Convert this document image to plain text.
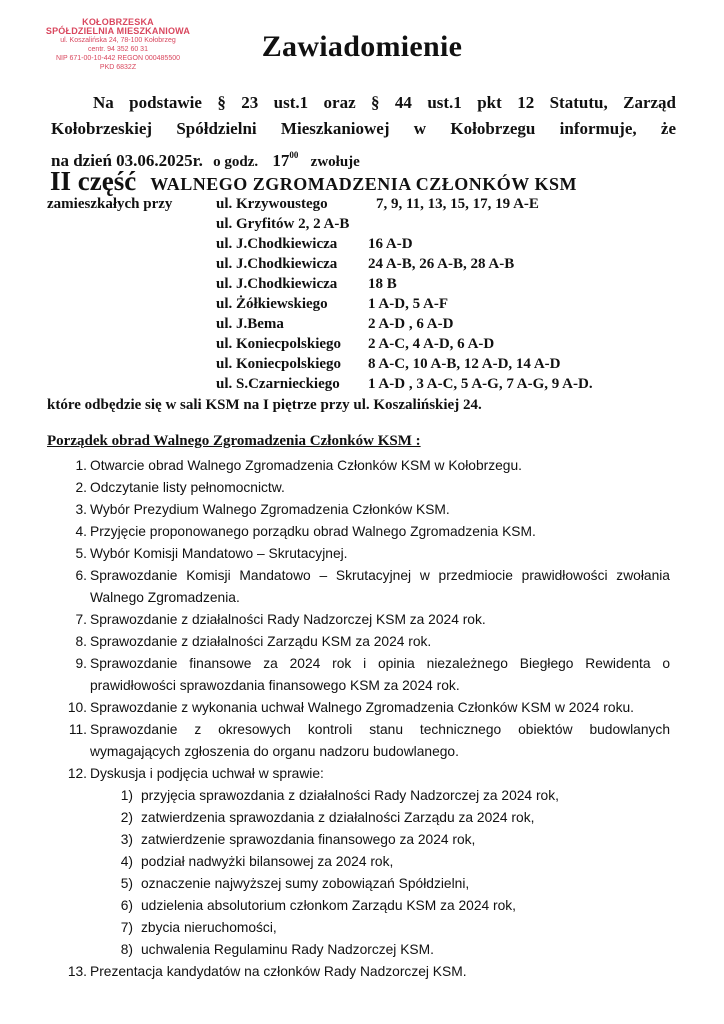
KOŁOBRZESKA
SPÓŁDZIELNIA MIESZKANIOWA
ul. Koszalińska 24, 78-100 Kołobrzeg
centr. 94 352 60 31
NIP 671-00-10-442 REGON 000485500
PKD 6832Z
Zawiadomienie
Na podstawie § 23 ust.1 oraz § 44 ust.1 pkt 12 Statutu, Zarząd
Kołobrzeskiej Spółdzielni Mieszkaniowej w Kołobrzegu informuje, że
na dzień 03.06.2025r. o godz. $17^{00}$ zwołuje
II część WALNEGO ZGROMADZENIA CZŁONKÓW KSM
zamieszkałych przy	ul. Krzywoustego	7, 9, 11, 13, 15, 17, 19 A-E
ul. Gryfitów 2, 2 A-B
ul. J.Chodkiewicza 16 A-D
ul. J.Chodkiewicza 24 A-B, 26 A-B, 28 A-B
ul. J.Chodkiewicza 18 B
ul. Żółkiewskiego	1 A-D, 5 A-F
ul. J.Bema	2 A-D , 6 A-D
ul. Koniecpolskiego 2 A-C, 4 A-D, 6 A-D
ul. Koniecpolskiego 8 A-C, 10 A-B, 12 A-D, 14 A-D
ul. S.Czarnieckiego 1 A-D , 3 A-C, 5 A-G, 7 A-G, 9 A-D.
które odbędzie się w sali KSM na I piętrze przy ul. Koszalińskiej 24.
Porządek obrad Walnego Zgromadzenia Członków KSM :
1. Otwarcie obrad Walnego Zgromadzenia Członków KSM w Kołobrzegu.
2. Odczytanie listy pełnomocnictw.
3. Wybór Prezydium Walnego Zgromadzenia Członków KSM.
4. Przyjęcie proponowanego porządku obrad Walnego Zgromadzenia KSM.
5. Wybór Komisji Mandatowo – Skrutacyjnej.
6. Sprawozdanie Komisji Mandatowo – Skrutacyjnej w przedmiocie prawidłowości zwołania Walnego Zgromadzenia.
7. Sprawozdanie z działalności Rady Nadzorczej KSM za 2024 rok.
8. Sprawozdanie z działalności Zarządu KSM za 2024 rok.
9. Sprawozdanie finansowe za 2024 rok i opinia niezależnego Biegłego Rewidenta o prawidłowości sprawozdania finansowego KSM za 2024 rok.
10. Sprawozdanie z wykonania uchwał Walnego Zgromadzenia Członków KSM w 2024 roku.
11. Sprawozdanie z okresowych kontroli stanu technicznego obiektów budowlanych wymagających zgłoszenia do organu nadzoru budowlanego.
12. Dyskusja i podjęcia uchwał w sprawie:
1) przyjęcia sprawozdania z działalności Rady Nadzorczej za 2024 rok,
2) zatwierdzenia sprawozdania z działalności Zarządu za 2024 rok,
3) zatwierdzenie sprawozdania finansowego za 2024 rok,
4) podział nadwyżki bilansowej za 2024 rok,
5) oznaczenie najwyższej sumy zobowiązań Spółdzielni,
6) udzielenia absolutorium członkom Zarządu KSM za 2024 rok,
7) zbycia nieruchomości,
8) uchwalenia Regulaminu Rady Nadzorczej KSM.
13. Prezentacja kandydatów na członków Rady Nadzorczej KSM.
